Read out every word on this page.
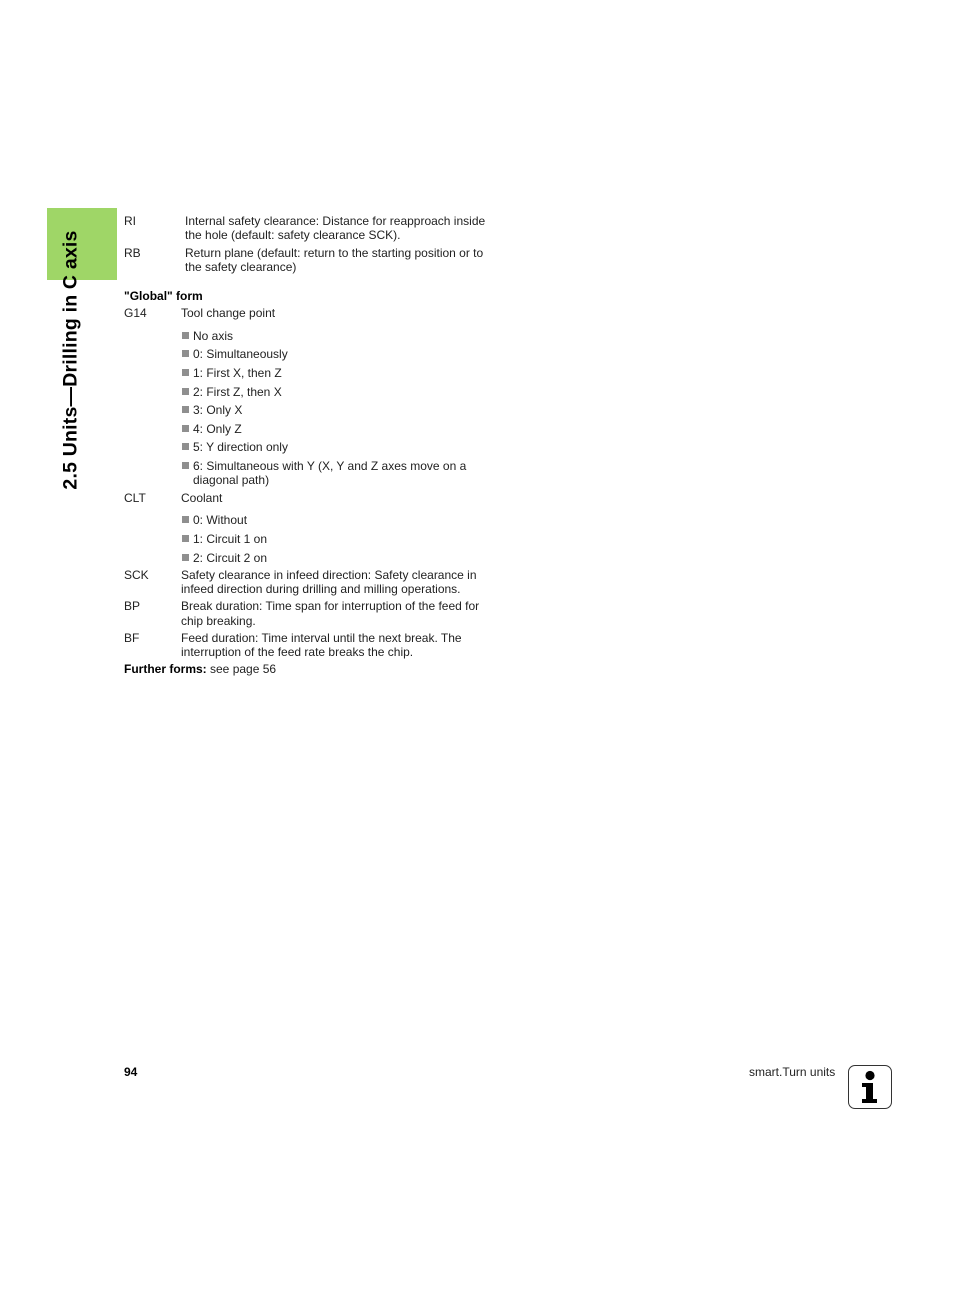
2.5 Units—Drilling in C axis
RI	Internal safety clearance: Distance for reapproach inside
the hole (default: safety clearance SCK).
RB	Return plane (default: return to the starting position or to
the safety clearance)
"Global" form
G14	Tool change point
No axis
0: Simultaneously
1: First X, then Z
2: First Z, then X
3: Only X
4: Only Z
5: Y direction only
6: Simultaneous with Y (X, Y and Z axes move on a
diagonal path)
CLT	Coolant
0: Without
1: Circuit 1 on
2: Circuit 2 on
SCK	Safety clearance in infeed direction: Safety clearance in
infeed direction during drilling and milling operations.
BP	Break duration: Time span for interruption of the feed for
chip breaking.
BF	Feed duration: Time interval until the next break. The
interruption of the feed rate breaks the chip.
Further forms: see page 56
94	smart.Turn units
